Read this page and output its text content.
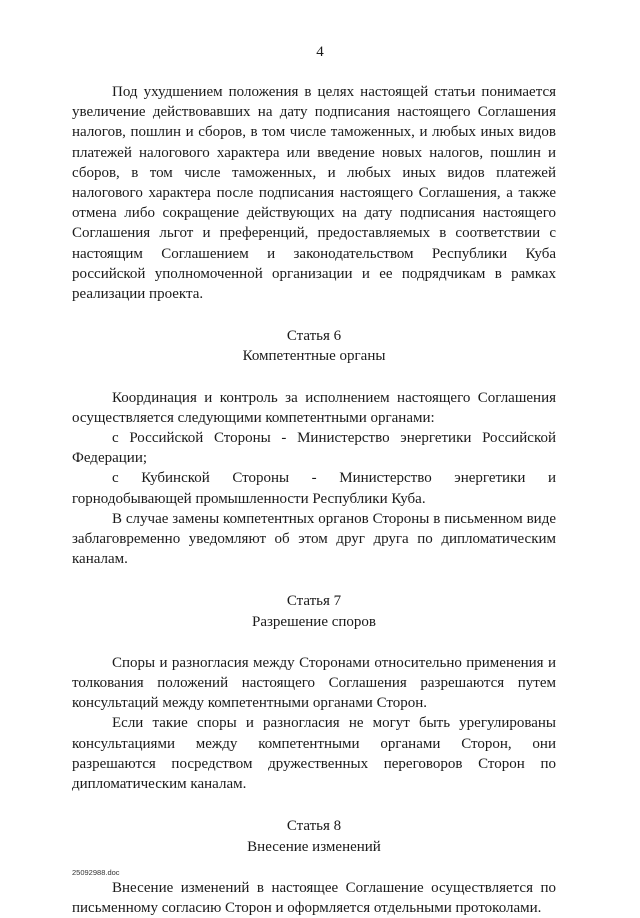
4

Под ухудшением положения в целях настоящей статьи понимается увеличение действовавших на дату подписания настоящего Соглашения налогов, пошлин и сборов, в том числе таможенных, и любых иных видов платежей налогового характера или введение новых налогов, пошлин и сборов, в том числе таможенных, и любых иных видов платежей налогового характера после подписания настоящего Соглашения, а также отмена либо сокращение действующих на дату подписания настоящего Соглашения льгот и преференций, предоставляемых в соответствии с настоящим Соглашением и законодательством Республики Куба российской уполномоченной организации и ее подрядчикам в рамках реализации проекта.

Статья 6

Компетентные органы

Координация и контроль за исполнением настоящего Соглашения осуществляется следующими компетентными органами:

с Российской Стороны - Министерство энергетики Российской

Федерации;

с Кубинской Стороны - Министерство энергетики и

горнодобывающей промышленности Республики Куба.

В случае замены компетентных органов Стороны в письменном виде заблаговременно уведомляют об этом друг друга по дипломатическим каналам.

Статья 7

Разрешение споров

Споры и разногласия между Сторонами относительно применения и толкования положений настоящего Соглашения разрешаются путем консультаций между компетентными органами Сторон.

Если такие споры и разногласия не могут быть урегулированы консультациями между компетентными органами Сторон, они разрешаются посредством дружественных переговоров Сторон по дипломатическим каналам.

Статья 8

Внесение изменений

Внесение изменений в настоящее Соглашение осуществляется по письменному согласию Сторон и оформляется отдельными протоколами.

25092988.doc
